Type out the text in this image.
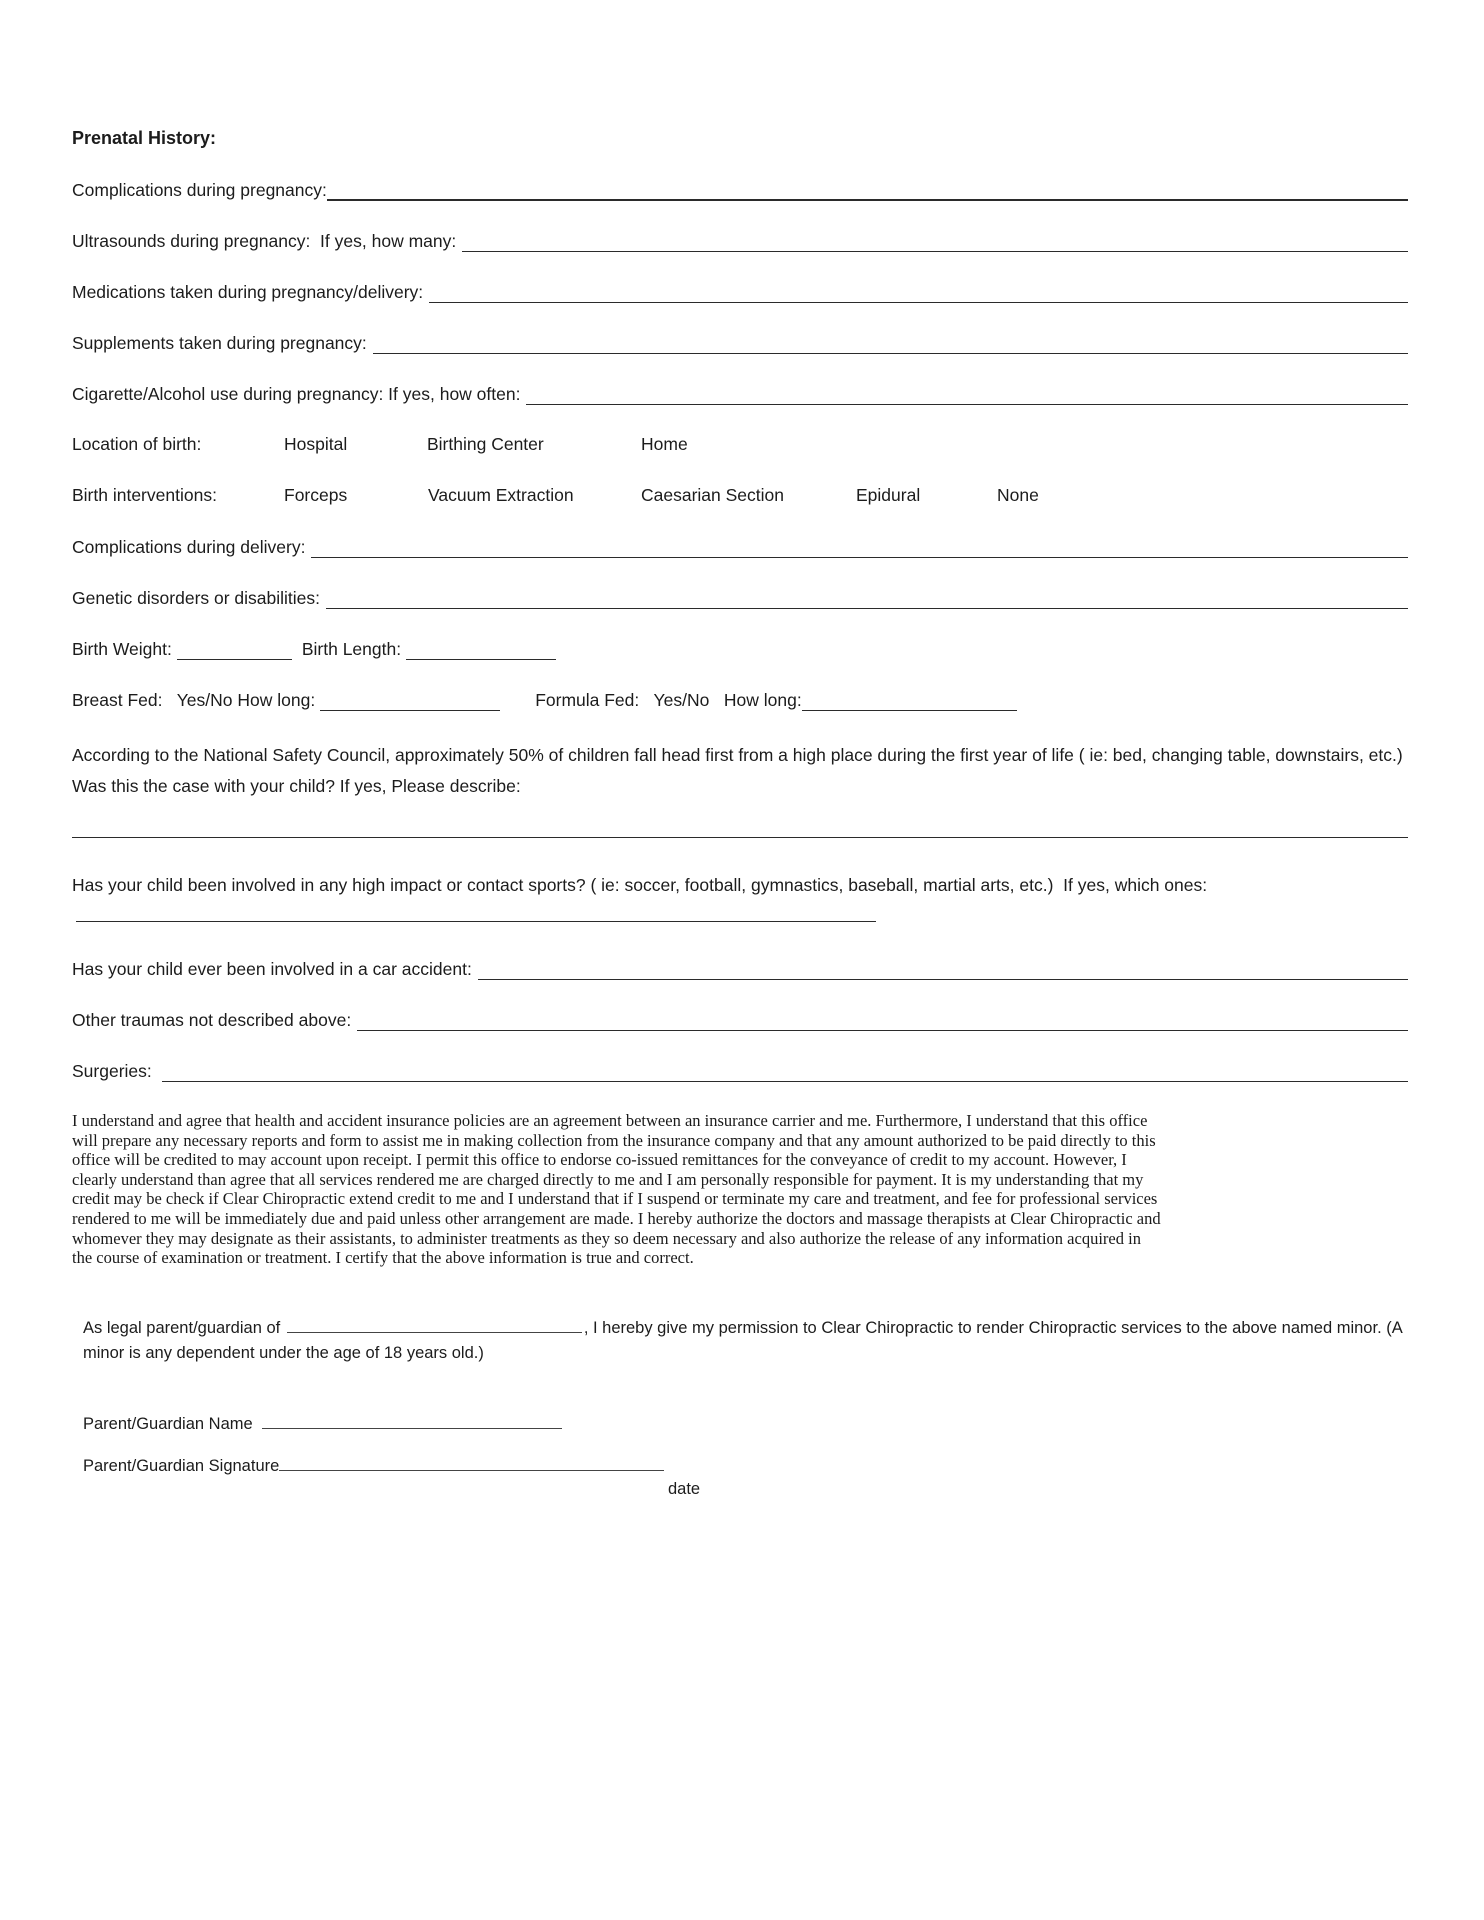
Prenatal History:
Complications during pregnancy:
Ultrasounds during pregnancy:  If yes, how many:
Medications taken during pregnancy/delivery:
Supplements taken during pregnancy:
Cigarette/Alcohol use during pregnancy: If yes, how often:
Location of birth:	Hospital	Birthing Center	Home
Birth interventions:	Forceps	Vacuum Extraction	Caesarian Section	Epidural	None
Complications during delivery:
Genetic disorders or disabilities:
Birth Weight:	Birth Length:
Breast Fed:   Yes/No How long:	Formula Fed:   Yes/No   How long:
According to the National Safety Council, approximately 50% of children fall head first from a high place during the first year of life ( ie: bed, changing table, downstairs, etc.) Was this the case with your child? If yes, Please describe:
Has your child been involved in any high impact or contact sports? ( ie: soccer, football, gymnastics, baseball, martial arts, etc.)  If yes, which ones:
Has your child ever been involved in a car accident:
Other traumas not described above:
Surgeries:
I understand and agree that health and accident insurance policies are an agreement between an insurance carrier and me. Furthermore, I understand that this office will prepare any necessary reports and form to assist me in making collection from the insurance company and that any amount authorized to be paid directly to this office will be credited to may account upon receipt. I permit this office to endorse co-issued remittances for the conveyance of credit to my account. However, I clearly understand than agree that all services rendered me are charged directly to me and I am personally responsible for payment. It is my understanding that my credit may be check if Clear Chiropractic extend credit to me and I understand that if I suspend or terminate my care and treatment, and fee for professional services rendered to me will be immediately due and paid unless other arrangement are made. I hereby authorize the doctors and massage therapists at Clear Chiropractic and whomever they may designate as their assistants, to administer treatments as they so deem necessary and also authorize the release of any information acquired in the course of examination or treatment. I certify that the above information is true and correct.
As legal parent/guardian of	, I hereby give my permission to Clear Chiropractic to render Chiropractic services to the above named minor. (A minor is any dependent under the age of 18 years old.)
Parent/Guardian Name
Parent/Guardian Signature
date
